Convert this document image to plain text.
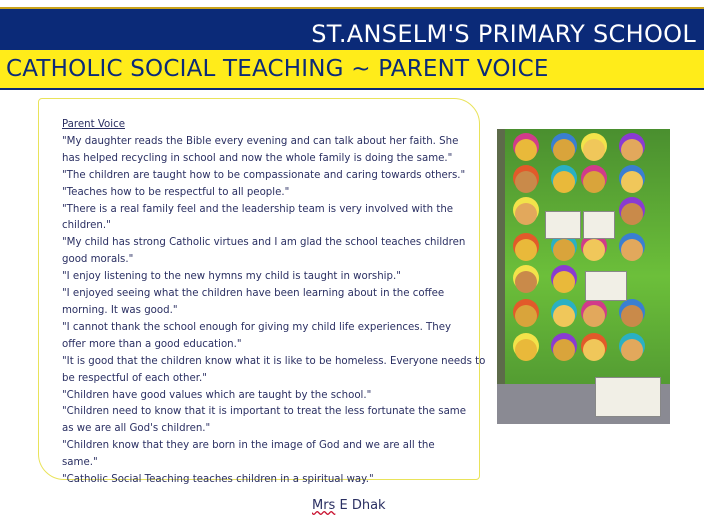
ST.ANSELM'S PRIMARY SCHOOL
CATHOLIC SOCIAL TEACHING ~ PARENT VOICE
Parent Voice
"My daughter reads the Bible every evening and can talk about her faith. She
has helped recycling in school and now the whole family is doing the same."
"The children are taught how to be compassionate and caring towards others."
"Teaches how to be respectful to all people."
"There is a real family feel and the leadership team is very involved with the
children."
"My child has strong Catholic virtues and I am glad the school teaches children
good morals."
"I enjoy listening to the new hymns my child is taught in worship."
"I enjoyed seeing what the children have been learning about in the coffee
morning. It was good."
"I cannot thank the school enough for giving my child life experiences. They
offer more than a good education."
"It is good that the children know what it is like to be homeless. Everyone needs to
be respectful of each other."
"Children have good values which are taught by the school."
"Children need to know that it is important to treat the less fortunate the same
as we are all God's children."
"Children know that they are born in the image of God and we are all the
same."
"Catholic Social Teaching teaches children in a spiritual way."
Mrs E Dhak
